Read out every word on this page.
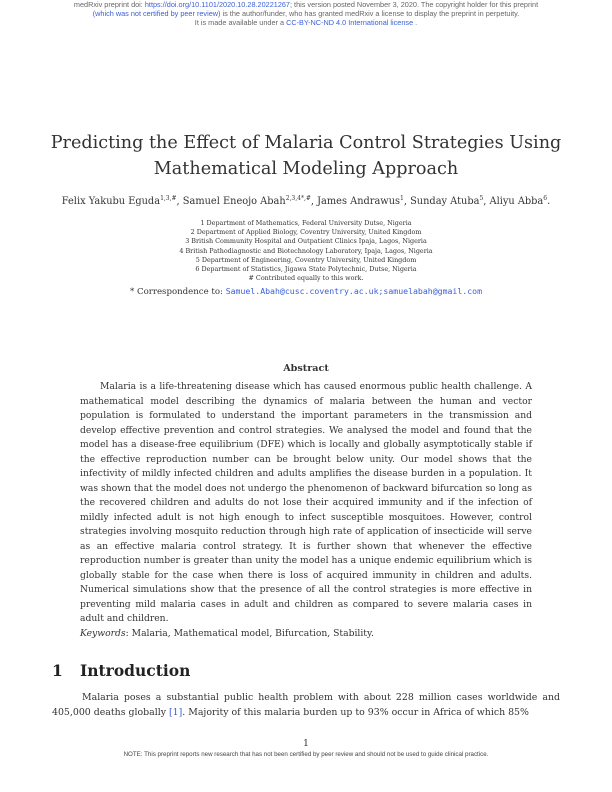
medRxiv preprint doi: https://doi.org/10.1101/2020.10.28.20221267; this version posted November 3, 2020. The copyright holder for this preprint
(which was not certified by peer review) is the author/funder, who has granted medRxiv a license to display the preprint in perpetuity.
It is made available under a CC-BY-NC-ND 4.0 International license .
Predicting the Effect of Malaria Control Strategies Using
Mathematical Modeling Approach
Felix Yakubu Eguda$^{1,3,\#}$, Samuel Eneojo Abah$^{2,3,4*,\#}$, James Andrawus$^1$, Sunday Atuba$^5$, Aliyu Abba$^6$.
1 Department of Mathematics, Federal University Dutse, Nigeria
2 Department of Applied Biology, Coventry University, United Kingdom
3 British Community Hospital and Outpatient Clinics Ipaja, Lagos, Nigeria
4 British Pathodiagnostic and Biotechnology Laboratory, Ipaja, Lagos, Nigeria
5 Department of Engineering, Coventry University, United Kingdom
6 Department of Statistics, Jigawa State Polytechnic, Dutse, Nigeria
# Contributed equally to this work.
* Correspondence to: Samuel.Abah@cusc.coventry.ac.uk;samuelabah@gmail.com
Abstract

Malaria is a life-threatening disease which has caused enormous public health challenge. A mathematical model describing the dynamics of malaria between the human and vector population is formulated to understand the important parameters in the transmission and develop effective prevention and control strategies. We analysed the model and found that the model has a disease-free equilibrium (DFE) which is locally and globally asymptotically stable if the effective reproduction number can be brought below unity. Our model shows that the infectivity of mildly infected children and adults amplifies the disease burden in a population. It was shown that the model does not undergo the phenomenon of backward bifurcation so long as the recovered children and adults do not lose their acquired immunity and if the infection of mildly infected adult is not high enough to infect susceptible mosquitoes. However, control strategies involving mosquito reduction through high rate of application of insecticide will serve as an effective malaria control strategy. It is further shown that whenever the effective reproduction number is greater than unity the model has a unique endemic equilibrium which is globally stable for the case when there is loss of acquired immunity in children and adults. Numerical simulations show that the presence of all the control strategies is more effective in preventing mild malaria cases in adult and children as compared to severe malaria cases in adult and children.

Keywords: Malaria, Mathematical model, Bifurcation, Stability.
1 Introduction

Malaria poses a substantial public health problem with about 228 million cases worldwide and 405,000 deaths globally [1]. Majority of this malaria burden up to 93% occur in Africa of which 85%

1
NOTE: This preprint reports new research that has not been certified by peer review and should not be used to guide clinical practice.
